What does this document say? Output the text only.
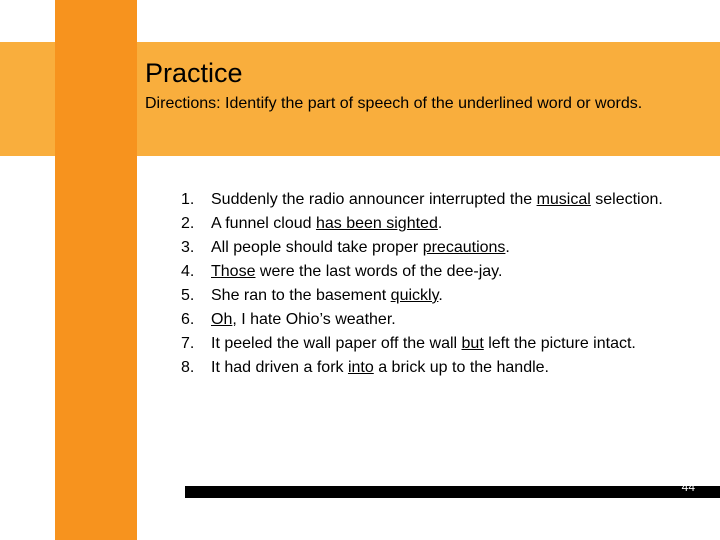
Practice

Directions: Identify the part of speech of the underlined word or words.

1.	Suddenly the radio announcer interrupted the musical selection.
2.	A funnel cloud has been sighted.
3.	All people should take proper precautions.
4.	Those were the last words of the dee-jay.
5.	She ran to the basement quickly.
6.	Oh, I hate Ohio’s weather.
7.	It peeled the wall paper off the wall but left the picture intact.
8.	It had driven a fork into a brick up to the handle.
44
